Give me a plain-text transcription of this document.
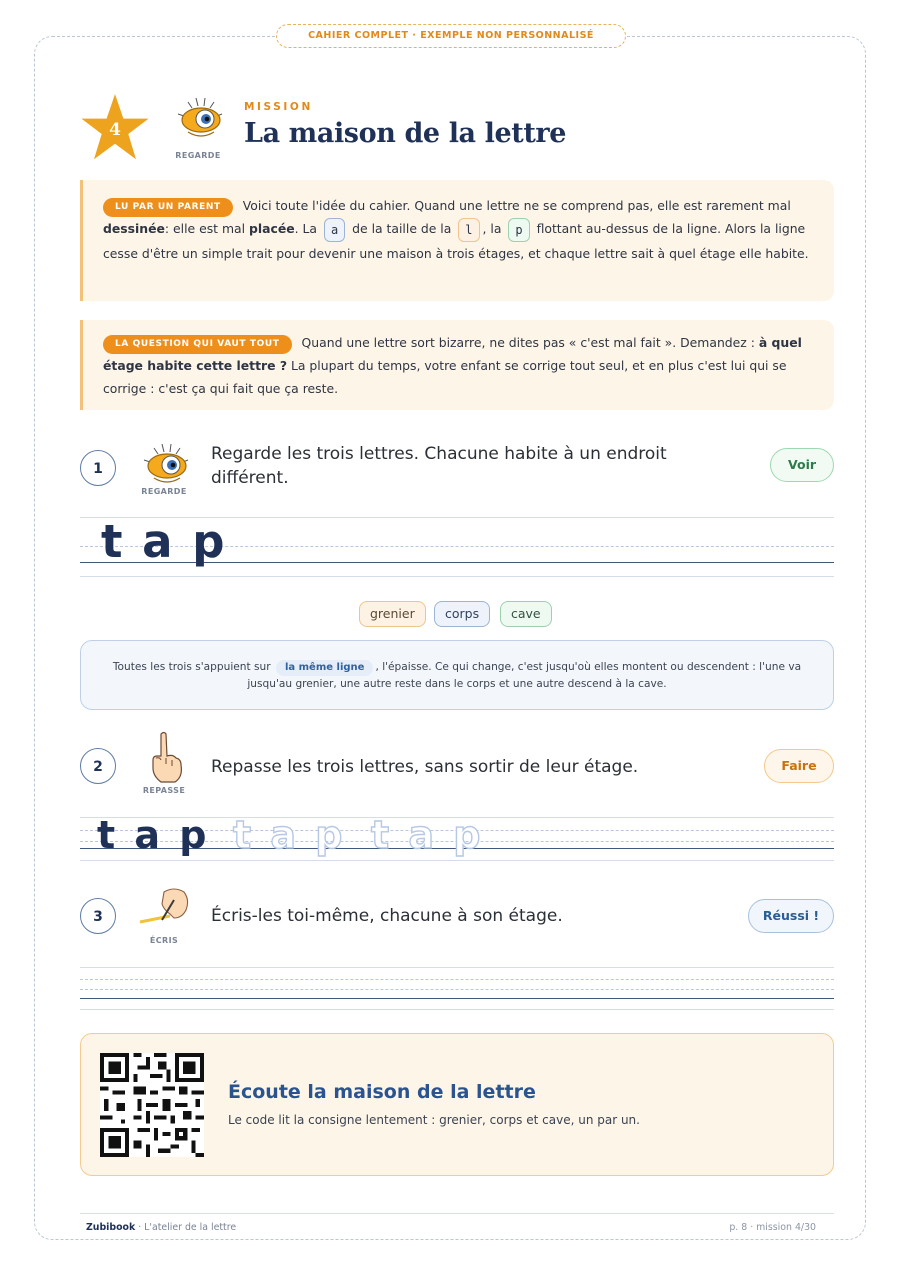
CAHIER COMPLET · EXEMPLE NON PERSONNALISÉ
4
REGARDE
MISSION
La maison de la lettre
LU PAR UN PARENT Voici toute l'idée du cahier. Quand une lettre ne se comprend pas, elle est rarement mal dessinée: elle est mal placée. La a de la taille de la l , la p flottant au-dessus de la ligne. Alors la ligne cesse d'être un simple trait pour devenir une maison à trois étages, et chaque lettre sait à quel étage elle habite.
LA QUESTION QUI VAUT TOUT Quand une lettre sort bizarre, ne dites pas « c'est mal fait ». Demandez : à quel étage habite cette lettre ? La plupart du temps, votre enfant se corrige tout seul, et en plus c'est lui qui se corrige : c'est ça qui fait que ça reste.
1
REGARDE
Regarde les trois lettres. Chacune habite à un endroit différent.
Voir
t a p
grenier	corps	cave
Toutes les trois s'appuient sur la même ligne , l'épaisse. Ce qui change, c'est jusqu'où elles montent ou descendent : l'une va jusqu'au grenier, une autre reste dans le corps et une autre descend à la cave.
2
REPASSE
Repasse les trois lettres, sans sortir de leur étage.	Faire
t a p t a p t a p
3
ÉCRIS
Écris-les toi-même, chacune à son étage.	Réussi !
Écoute la maison de la lettre
Le code lit la consigne lentement : grenier, corps et cave, un par un.
Zubibook · L'atelier de la lettre	p. 8 · mission 4/30
